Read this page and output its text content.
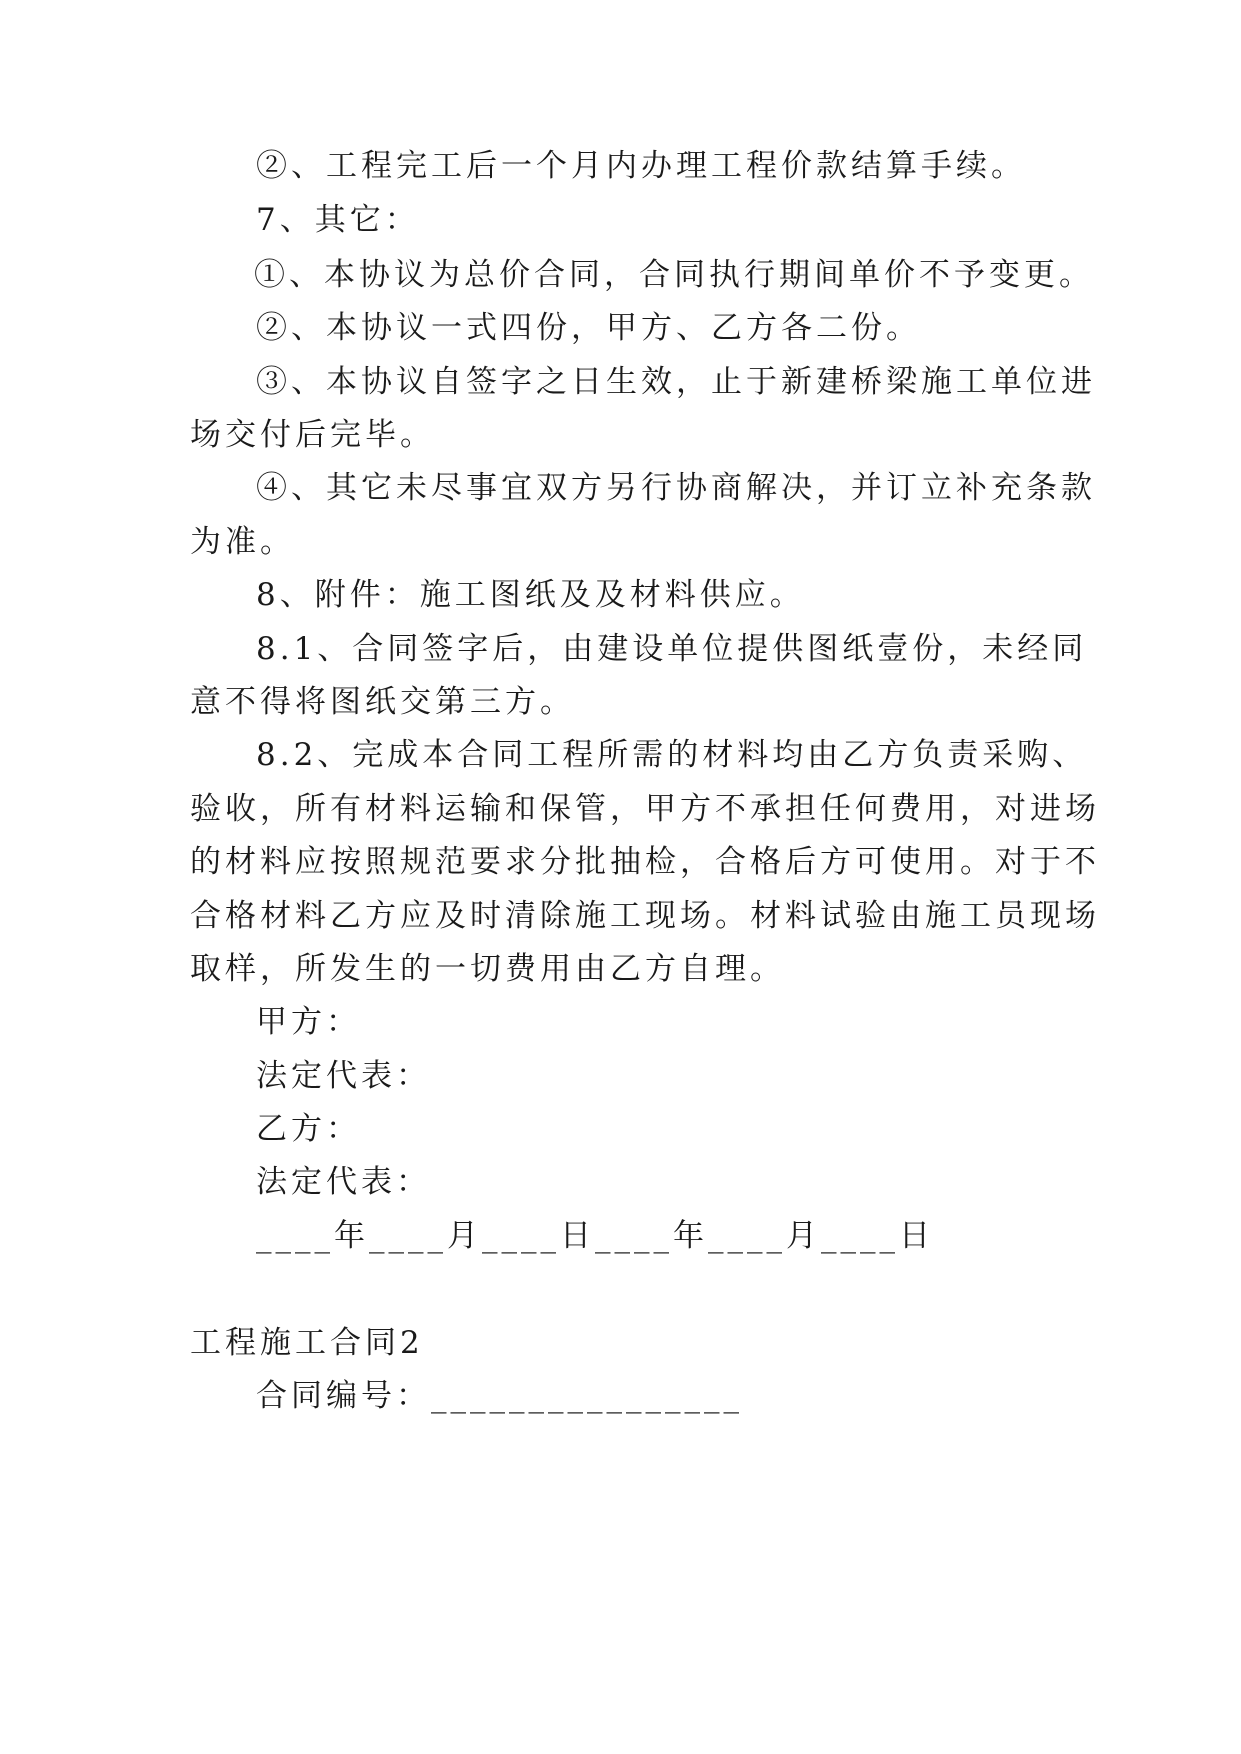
②、工程完工后一个月内办理工程价款结算手续。
7、其它：
①、本协议为总价合同，合同执行期间单价不予变更。
②、本协议一式四份，甲方、乙方各二份。
③、本协议自签字之日生效，止于新建桥梁施工单位进
场交付后完毕。
④、其它未尽事宜双方另行协商解决，并订立补充条款
为准。
8、附件：施工图纸及及材料供应。
8.1、合同签字后，由建设单位提供图纸壹份，未经同
意不得将图纸交第三方。
8.2、完成本合同工程所需的材料均由乙方负责采购、
验收，所有材料运输和保管，甲方不承担任何费用，对进场
的材料应按照规范要求分批抽检，合格后方可使用。对于不
合格材料乙方应及时清除施工现场。材料试验由施工员现场
取样，所发生的一切费用由乙方自理。
甲方：
法定代表：
乙方：
法定代表：
____年____月____日____年____月____日
工程施工合同2
合同编号：________________
